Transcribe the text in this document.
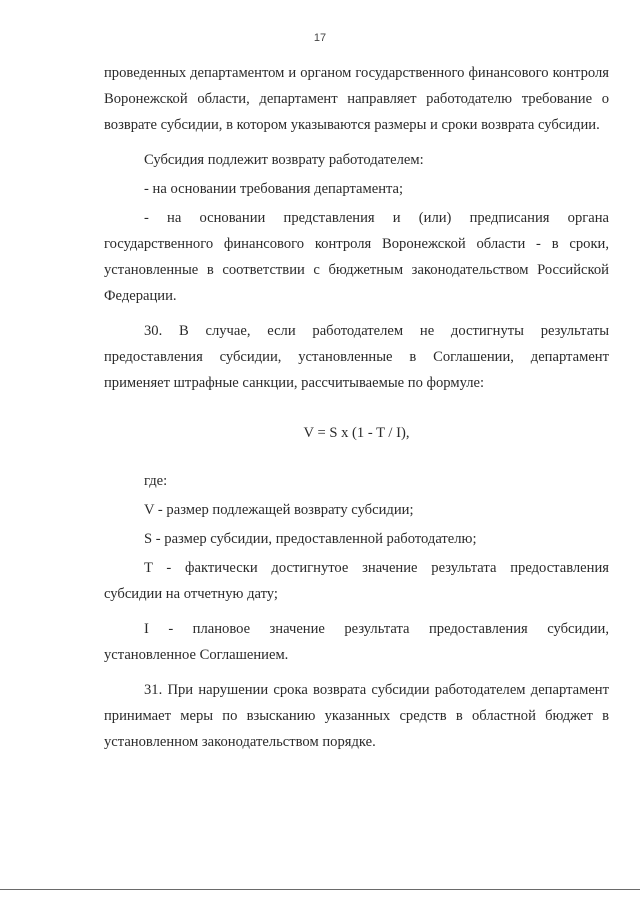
17

проведенных департаментом и органом государственного финансового контроля Воронежской области, департамент направляет работодателю требование о возврате субсидии, в котором указываются размеры и сроки возврата субсидии.

Субсидия подлежит возврату работодателем:

- на основании требования департамента;

- на основании представления и (или) предписания органа государственного финансового контроля Воронежской области - в сроки, установленные в соответствии с бюджетным законодательством Российской Федерации.

30. В случае, если работодателем не достигнуты результаты предоставления субсидии, установленные в Соглашении, департамент применяет штрафные санкции, рассчитываемые по формуле:

V = S x (1 - T / I),

где:

V - размер подлежащей возврату субсидии;

S - размер субсидии, предоставленной работодателю;

T - фактически достигнутое значение результата предоставления субсидии на отчетную дату;

I - плановое значение результата предоставления субсидии, установленное Соглашением.

31. При нарушении срока возврата субсидии работодателем департамент принимает меры по взысканию указанных средств в областной бюджет в установленном законодательством порядке.
